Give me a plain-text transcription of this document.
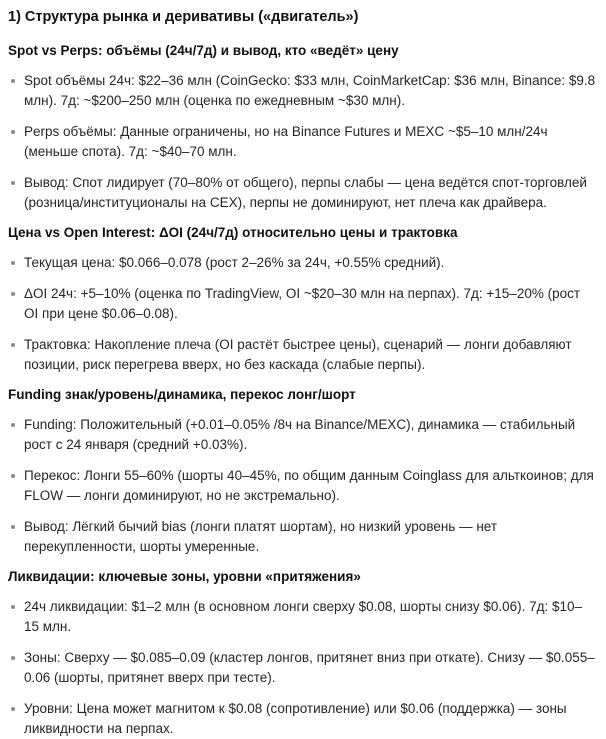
1) Структура рынка и деривативы («двигатель»)
Spot vs Perps: объёмы (24ч/7д) и вывод, кто «ведёт» цену
Spot объёмы 24ч: $22–36 млн (CoinGecko: $33 млн, CoinMarketCap: $36 млн, Binance: $9.8 млн). 7д: ~$200–250 млн (оценка по ежедневным ~$30 млн).
Perps объёмы: Данные ограничены, но на Binance Futures и MEXC ~$5–10 млн/24ч (меньше спота). 7д: ~$40–70 млн.
Вывод: Спот лидирует (70–80% от общего), перпы слабы — цена ведётся спот-торговлей (розница/институционалы на CEX), перпы не доминируют, нет плеча как драйвера.
Цена vs Open Interest: ΔOI (24ч/7д) относительно цены и трактовка
Текущая цена: $0.066–0.078 (рост 2–26% за 24ч, +0.55% средний).
ΔOI 24ч: +5–10% (оценка по TradingView, OI ~$20–30 млн на перпах). 7д: +15–20% (рост OI при цене $0.06–0.08).
Трактовка: Накопление плеча (OI растёт быстрее цены), сценарий — лонги добавляют позиции, риск перегрева вверх, но без каскада (слабые перпы).
Funding знак/уровень/динамика, перекос лонг/шорт
Funding: Положительный (+0.01–0.05% /8ч на Binance/MEXC), динамика — стабильный рост с 24 января (средний +0.03%).
Перекос: Лонги 55–60% (шорты 40–45%, по общим данным Coinglass для альткоинов; для FLOW — лонги доминируют, но не экстремально).
Вывод: Лёгкий бычий bias (лонги платят шортам), но низкий уровень — нет перекупленности, шорты умеренные.
Ликвидации: ключевые зоны, уровни «притяжения»
24ч ликвидации: $1–2 млн (в основном лонги сверху $0.08, шорты снизу $0.06). 7д: $10–15 млн.
Зоны: Сверху — $0.085–0.09 (кластер лонгов, притянет вниз при откате). Снизу — $0.055–0.06 (шорты, притянет вверх при тесте).
Уровни: Цена может магнитом к $0.08 (сопротивление) или $0.06 (поддержка) — зоны ликвидности на перпах.
